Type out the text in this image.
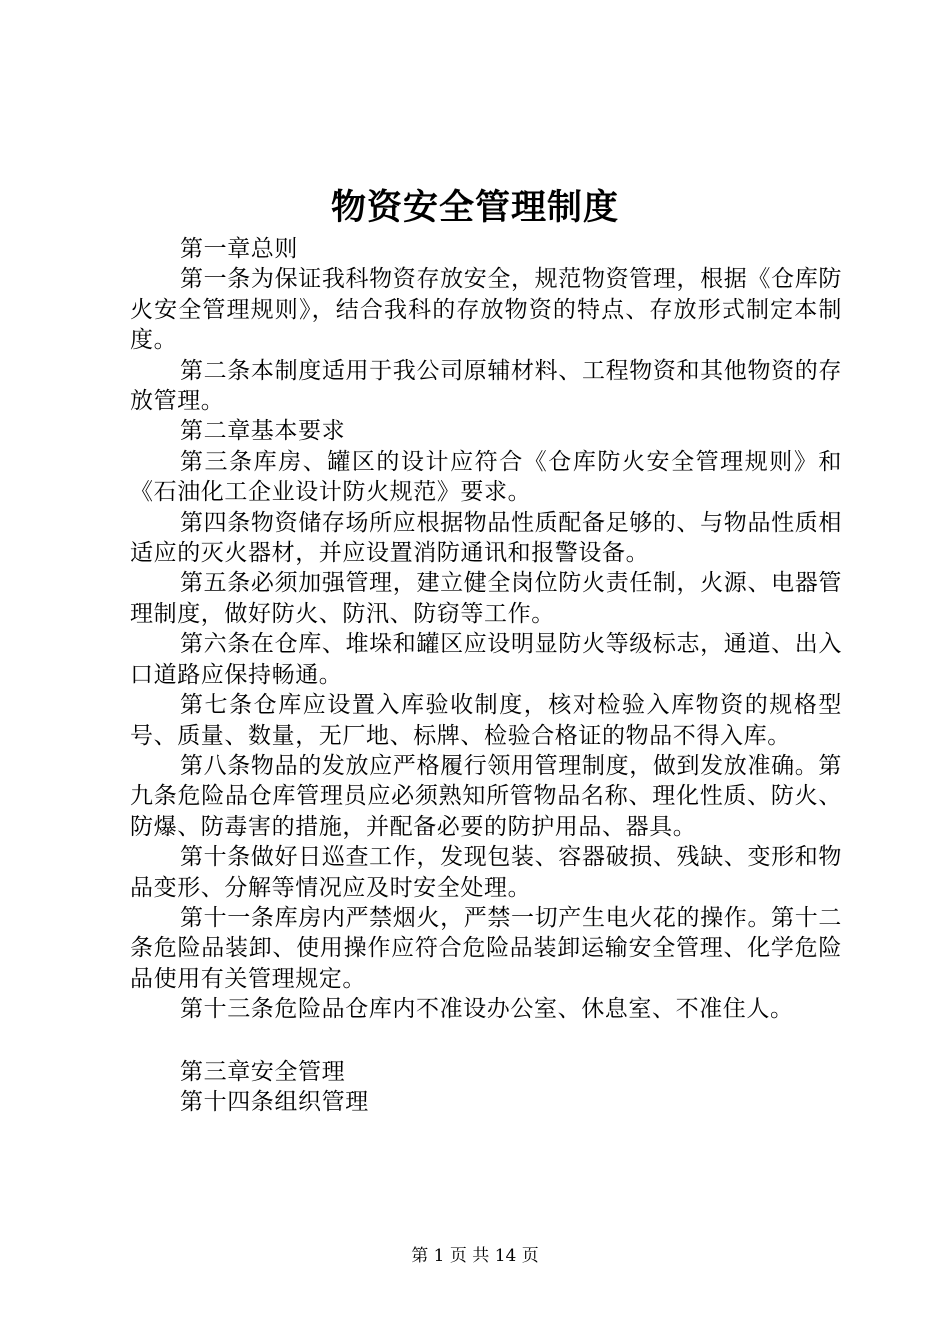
物资安全管理制度

第一章总则

第一条为保证我科物资存放安全，规范物资管理，根据《仓库防火安全管理规则》，结合我科的存放物资的特点、存放形式制定本制度。

第二条本制度适用于我公司原辅材料、工程物资和其他物资的存放管理。

第二章基本要求

第三条库房、罐区的设计应符合《仓库防火安全管理规则》和《石油化工企业设计防火规范》要求。

第四条物资储存场所应根据物品性质配备足够的、与物品性质相适应的灭火器材，并应设置消防通讯和报警设备。

第五条必须加强管理，建立健全岗位防火责任制，火源、电器管理制度，做好防火、防汛、防窃等工作。

第六条在仓库、堆垛和罐区应设明显防火等级标志，通道、出入口道路应保持畅通。

第七条仓库应设置入库验收制度，核对检验入库物资的规格型号、质量、数量，无厂地、标牌、检验合格证的物品不得入库。

第八条物品的发放应严格履行领用管理制度，做到发放准确。第九条危险品仓库管理员应必须熟知所管物品名称、理化性质、防火、防爆、防毒害的措施，并配备必要的防护用品、器具。

第十条做好日巡查工作，发现包装、容器破损、残缺、变形和物品变形、分解等情况应及时安全处理。

第十一条库房内严禁烟火，严禁一切产生电火花的操作。第十二条危险品装卸、使用操作应符合危险品装卸运输安全管理、化学危险品使用有关管理规定。

第十三条危险品仓库内不准设办公室、休息室、不准住人。

第三章安全管理

第十四条组织管理

第 1 页 共 14 页
